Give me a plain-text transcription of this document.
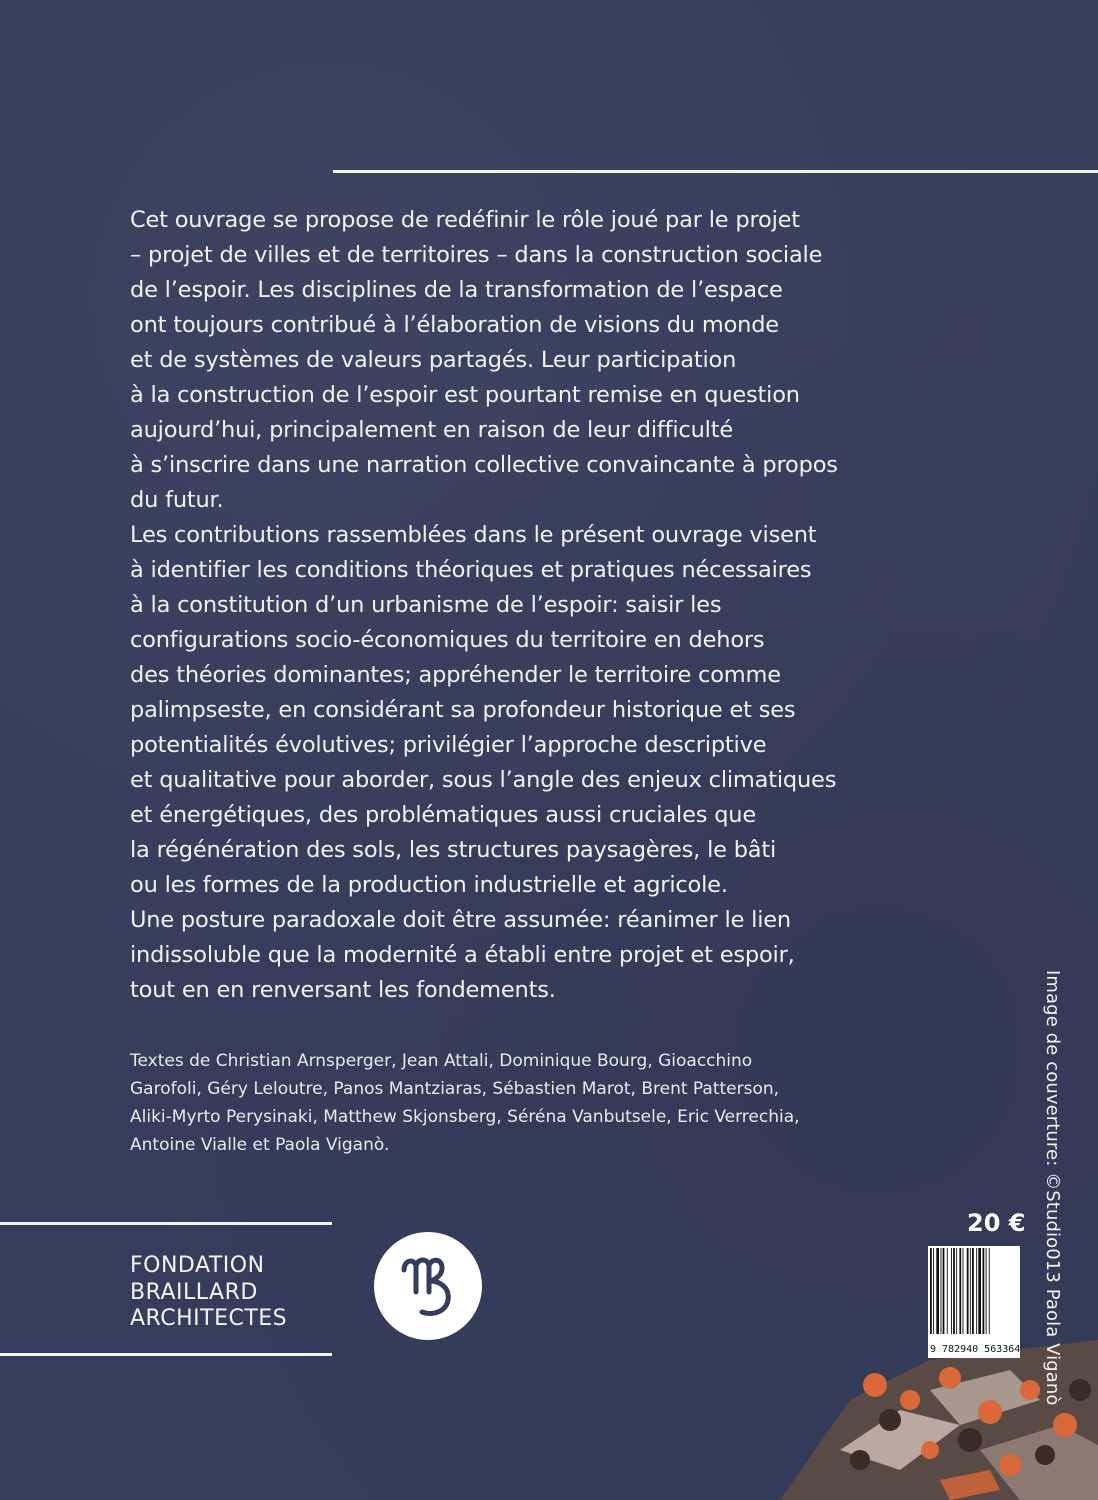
Cet ouvrage se propose de redéfinir le rôle joué par le projet
– projet de villes et de territoires – dans la construction sociale
de l’espoir. Les disciplines de la transformation de l’espace
ont toujours contribué à l’élaboration de visions du monde
et de systèmes de valeurs partagés. Leur participation
à la construction de l’espoir est pourtant remise en question
aujourd’hui, principalement en raison de leur difficulté
à s’inscrire dans une narration collective convaincante à propos
du futur.
Les contributions rassemblées dans le présent ouvrage visent
à identifier les conditions théoriques et pratiques nécessaires
à la constitution d’un urbanisme de l’espoir: saisir les
configurations socio-économiques du territoire en dehors
des théories dominantes; appréhender le territoire comme
palimpseste, en considérant sa profondeur historique et ses
potentialités évolutives; privilégier l’approche descriptive
et qualitative pour aborder, sous l’angle des enjeux climatiques
et énergétiques, des problématiques aussi cruciales que
la régénération des sols, les structures paysagères, le bâti
ou les formes de la production industrielle et agricole.
Une posture paradoxale doit être assumée: réanimer le lien
indissoluble que la modernité a établi entre projet et espoir,
tout en en renversant les fondements.
Textes de Christian Arnsperger, Jean Attali, Dominique Bourg, Gioacchino
Garofoli, Géry Leloutre, Panos Mantziaras, Sébastien Marot, Brent Patterson,
Aliki-Myrto Perysinaki, Matthew Skjonsberg, Séréna Vanbutsele, Eric Verrechia,
Antoine Vialle et Paola Viganò.
FONDATION
BRAILLARD
ARCHITECTES
20 €
9 782940 563364 Image de couverture: ©Studio013 Paola Viganò
